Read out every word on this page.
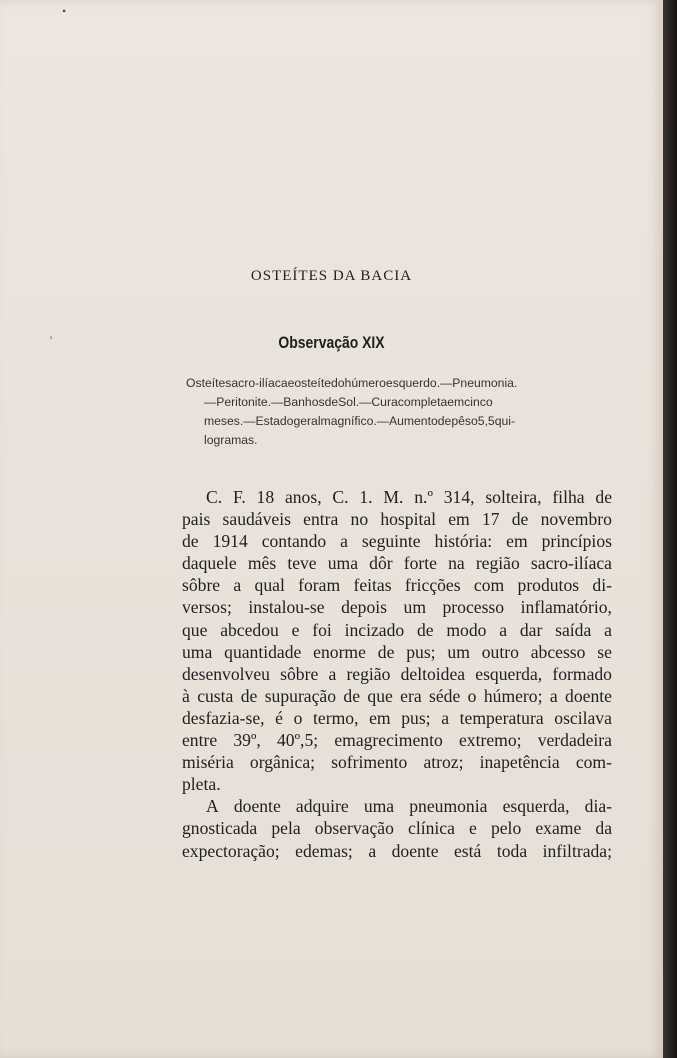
•
'
OSTEÍTES DA BACIA
Observação XIX
Osteítesacro-ilíacaeosteítedohúmeroesquerdo.—Pneumonia.
—Peritonite.—BanhosdeSol.—Curacompletaemcinco
meses.—Estadogeralmagnífico.—Aumentodepêso5,5qui-
logramas.
C. F. 18 anos, C. 1. M. n.º 314, solteira, filha de
pais saudáveis entra no hospital em 17 de novembro
de 1914 contando a seguinte história: em princípios
daquele mês teve uma dôr forte na região sacro-ilíaca
sôbre a qual foram feitas fricções com produtos di-
versos; instalou-se depois um processo inflamatório,
que abcedou e foi incizado de modo a dar saída a
uma quantidade enorme de pus; um outro abcesso se
desenvolveu sôbre a região deltoidea esquerda, formado
à custa de supuração de que era séde o húmero; a doente
desfazia-se, é o termo, em pus; a temperatura oscilava
entre 39º, 40º,5; emagrecimento extremo; verdadeira
miséria orgânica; sofrimento atroz; inapetência com-
pleta.
A doente adquire uma pneumonia esquerda, dia-
gnosticada pela observação clínica e pelo exame da
expectoração; edemas; a doente está toda infiltrada;
